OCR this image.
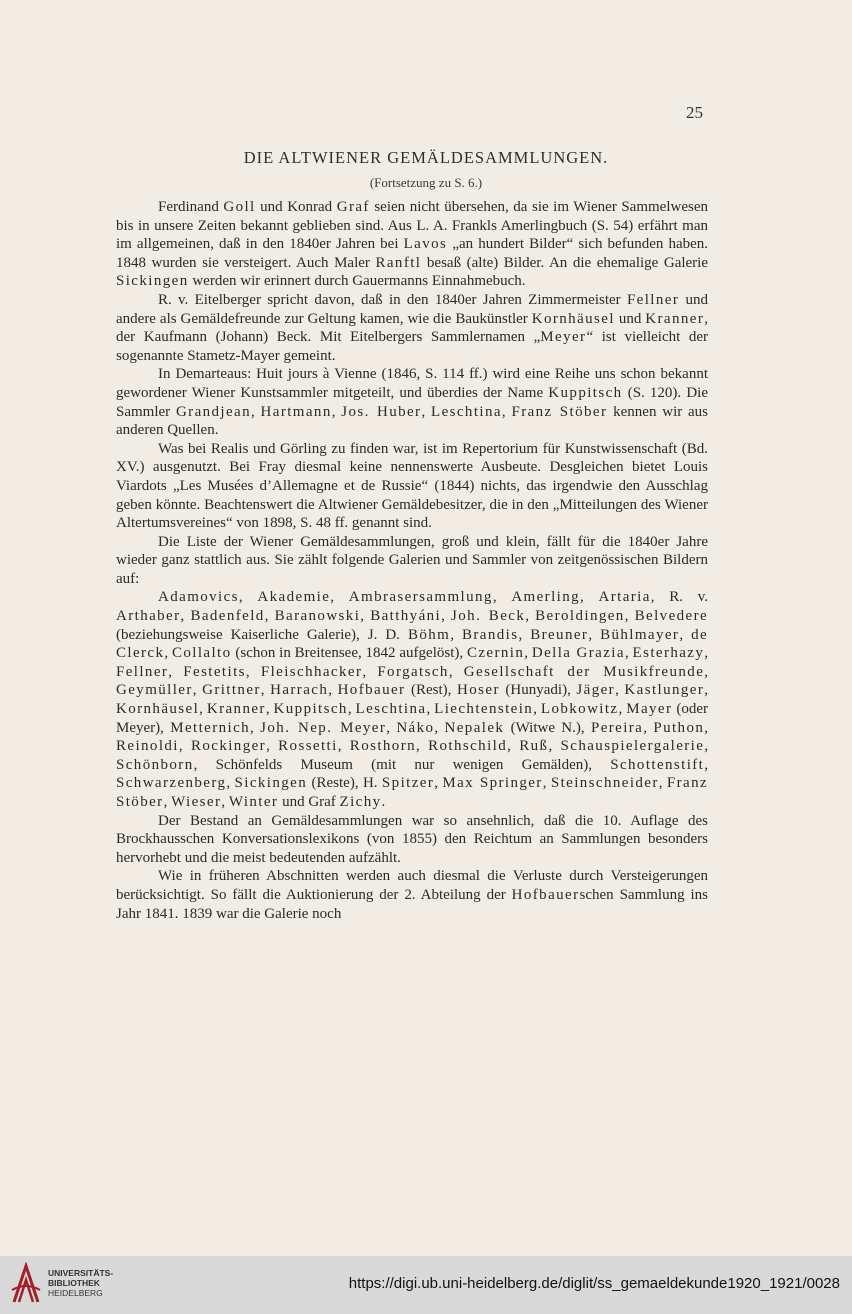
25
DIE ALTWIENER GEMÄLDESAMMLUNGEN.
(Fortsetzung zu S. 6.)

Ferdinand Goll und Konrad Graf seien nicht übersehen, da sie im Wiener Sammelwesen bis in unsere Zeiten bekannt geblieben sind. Aus L. A. Frankls Amerlingbuch (S. 54) erfährt man im allgemeinen, daß in den 1840er Jahren bei Lavos „an hundert Bilder“ sich befunden haben. 1848 wurden sie versteigert. Auch Maler Ranftl besaß (alte) Bilder. An die ehemalige Galerie Sickingen werden wir erinnert durch Gauermanns Einnahmebuch.

R. v. Eitelberger spricht davon, daß in den 1840er Jahren Zimmermeister Fellner und andere als Gemäldefreunde zur Geltung kamen, wie die Baukünstler Kornhäusel und Kranner, der Kaufmann (Johann) Beck. Mit Eitelbergers Sammlernamen „Meyer“ ist vielleicht der sogenannte Stametz-Mayer gemeint.

In Demarteaus: Huit jours à Vienne (1846, S. 114 ff.) wird eine Reihe uns schon bekannt gewordener Wiener Kunstsammler mitgeteilt, und überdies der Name Kuppitsch (S. 120). Die Sammler Grandjean, Hartmann, Jos. Huber, Leschtina, Franz Stöber kennen wir aus anderen Quellen.

Was bei Realis und Görling zu finden war, ist im Repertorium für Kunstwissenschaft (Bd. XV.) ausgenutzt. Bei Fray diesmal keine nennenswerte Ausbeute. Desgleichen bietet Louis Viardots „Les Musées d’Allemagne et de Russie“ (1844) nichts, das irgendwie den Ausschlag geben könnte. Beachtenswert die Altwiener Gemäldebesitzer, die in den „Mitteilungen des Wiener Altertumsvereines“ von 1898, S. 48 ff. genannt sind.

Die Liste der Wiener Gemäldesammlungen, groß und klein, fällt für die 1840er Jahre wieder ganz stattlich aus. Sie zählt folgende Galerien und Sammler von zeitgenössischen Bildern auf:

Adamovics, Akademie, Ambrasersammlung, Amerling, Artaria, R. v. Arthaber, Badenfeld, Baranowski, Batthyáni, Joh. Beck, Beroldingen, Belvedere (beziehungsweise Kaiserliche Galerie), J. D. Böhm, Brandis, Breuner, Bühlmayer, de Clerck, Collalto (schon in Breitensee, 1842 aufgelöst), Czernin, Della Grazia, Esterhazy, Fellner, Festetits, Fleischhacker, Forgatsch, Gesellschaft der Musikfreunde, Geymüller, Grittner, Harrach, Hofbauer (Rest), Hoser (Hunyadi), Jäger, Kastlunger, Kornhäusel, Kranner, Kuppitsch, Leschtina, Liechtenstein, Lobkowitz, Mayer (oder Meyer), Metternich, Joh. Nep. Meyer, Náko, Nepalek (Witwe N.), Pereira, Puthon, Reinoldi, Rockinger, Rossetti, Rosthorn, Rothschild, Ruß, Schauspielergalerie, Schönborn, Schönfelds Museum (mit nur wenigen Gemälden), Schottenstift, Schwarzenberg, Sickingen (Reste), H. Spitzer, Max Springer, Steinschneider, Franz Stöber, Wieser, Winter und Graf Zichy.

Der Bestand an Gemäldesammlungen war so ansehnlich, daß die 10. Auflage des Brockhausschen Konversationslexikons (von 1855) den Reichtum an Sammlungen besonders hervorhebt und die meist bedeutenden aufzählt.

Wie in früheren Abschnitten werden auch diesmal die Verluste durch Versteigerungen berücksichtigt. So fällt die Auktionierung der 2. Abteilung der Hofbauerschen Sammlung ins Jahr 1841. 1839 war die Galerie noch

UNIVERSITÄTS-
BIBLIOTHEK
HEIDELBERG
https://digi.ub.uni-heidelberg.de/diglit/ss_gemaeldekunde1920_1921/0028
